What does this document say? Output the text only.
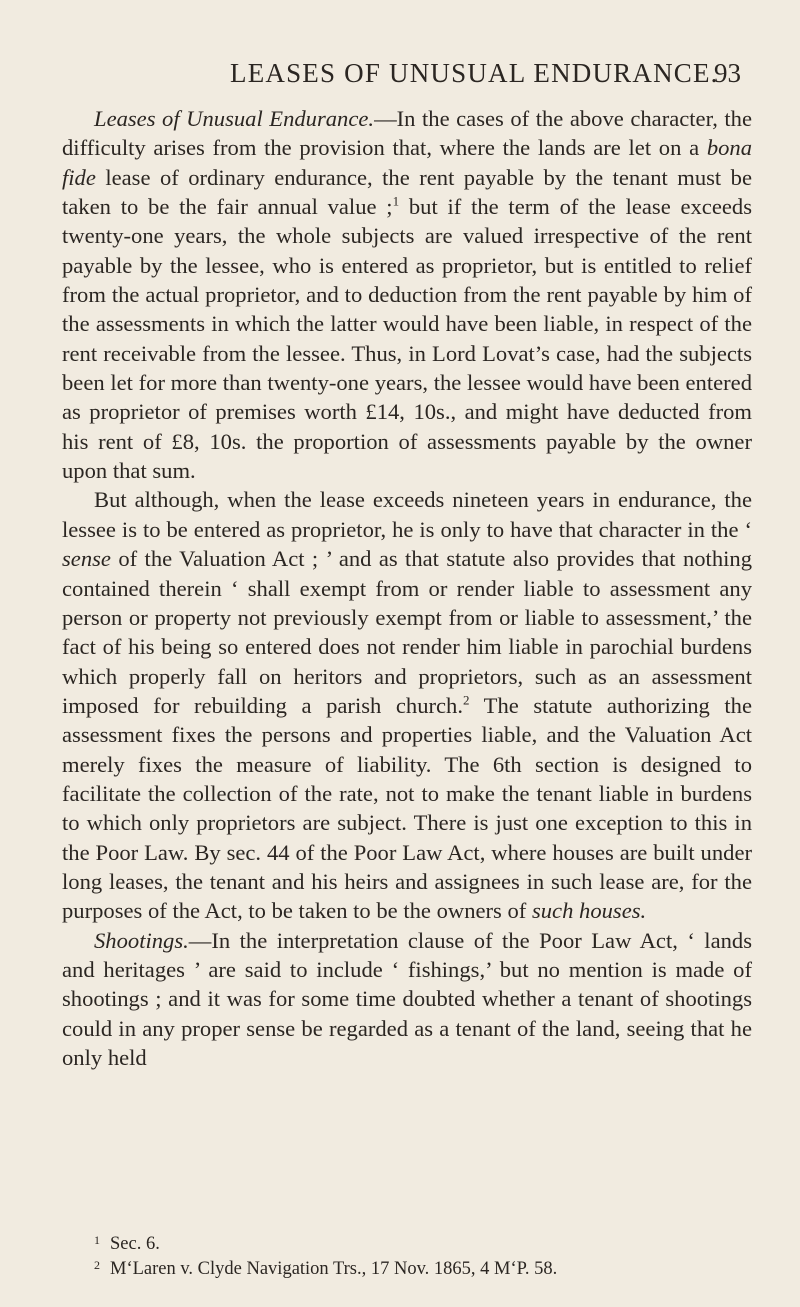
LEASES OF UNUSUAL ENDURANCE.
93

Leases of Unusual Endurance.—In the cases of the above character, the difficulty arises from the provision that, where the lands are let on a bona fide lease of ordinary endurance, the rent payable by the tenant must be taken to be the fair annual value ;$^1$ but if the term of the lease exceeds twenty-one years, the whole subjects are valued irrespective of the rent payable by the lessee, who is entered as proprietor, but is entitled to relief from the actual proprietor, and to deduction from the rent payable by him of the assessments in which the latter would have been liable, in respect of the rent receivable from the lessee. Thus, in Lord Lovat’s case, had the subjects been let for more than twenty-one years, the lessee would have been entered as proprietor of premises worth £14, 10s., and might have deducted from his rent of £8, 10s. the proportion of assessments payable by the owner upon that sum.

But although, when the lease exceeds nineteen years in endurance, the lessee is to be entered as proprietor, he is only to have that character in the ‘ sense of the Valuation Act ; ’ and as that statute also provides that nothing contained therein ‘ shall exempt from or render liable to assessment any person or property not previously exempt from or liable to assessment,’ the fact of his being so entered does not render him liable in parochial burdens which properly fall on heritors and proprietors, such as an assessment imposed for rebuilding a parish church.$^2$ The statute authorizing the assessment fixes the persons and properties liable, and the Valuation Act merely fixes the measure of liability. The 6th section is designed to facilitate the collection of the rate, not to make the tenant liable in burdens to which only proprietors are subject. There is just one exception to this in the Poor Law. By sec. 44 of the Poor Law Act, where houses are built under long leases, the tenant and his heirs and assignees in such lease are, for the purposes of the Act, to be taken to be the owners of such houses.

Shootings.—In the interpretation clause of the Poor Law Act, ‘ lands and heritages ’ are said to include ‘ fishings,’ but no mention is made of shootings ; and it was for some time doubted whether a tenant of shootings could in any proper sense be regarded as a tenant of the land, seeing that he only held

1 Sec. 6.
2 M‘Laren v. Clyde Navigation Trs., 17 Nov. 1865, 4 M‘P. 58.
